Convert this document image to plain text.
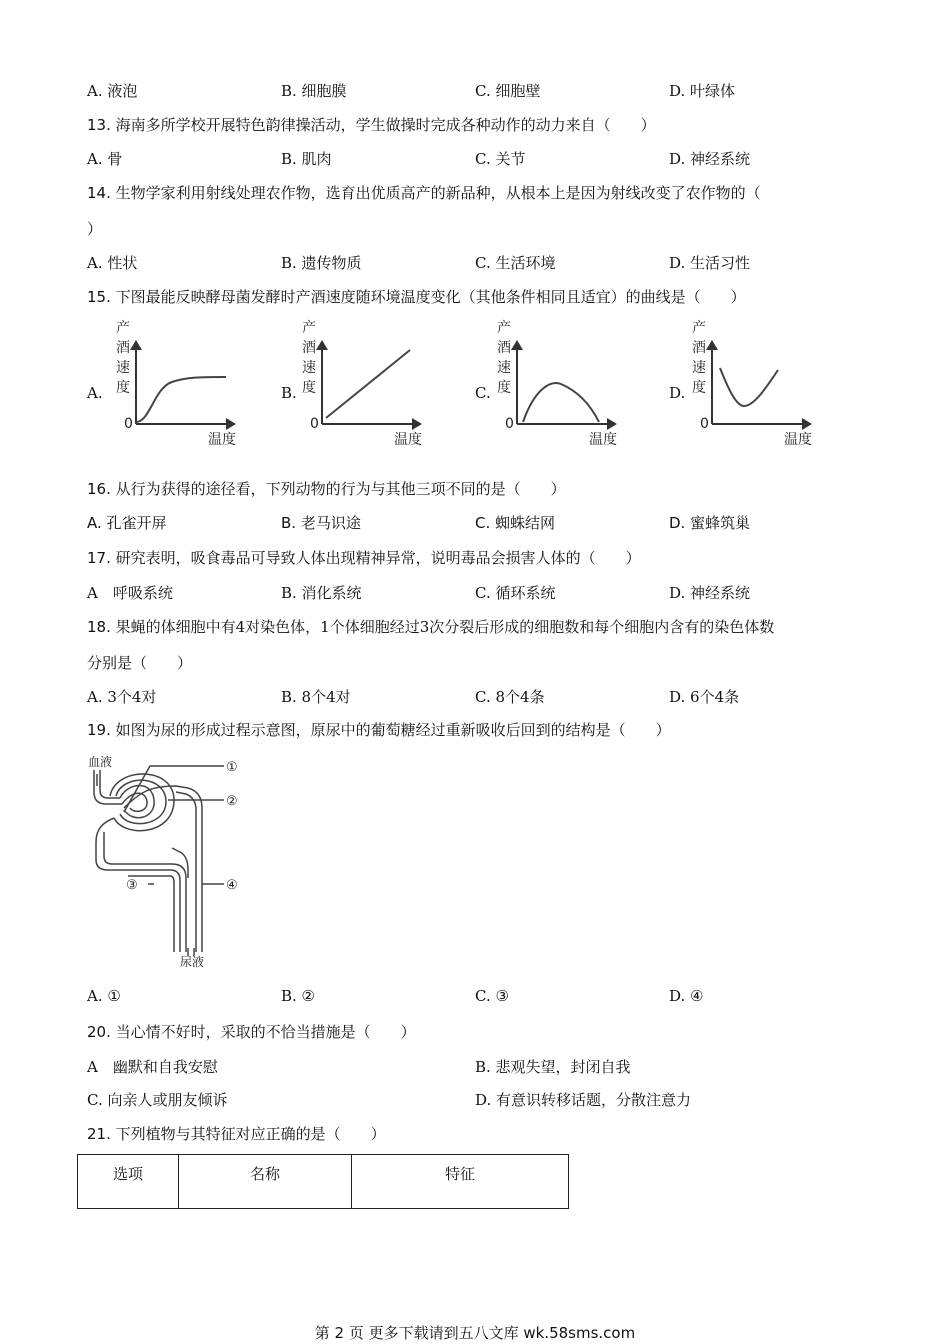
A. 液泡	B. 细胞膜	C. 细胞壁	D. 叶绿体
13. 海南多所学校开展特色韵律操活动，学生做操时完成各种动作的动力来自（　　）
A. 骨	B. 肌肉	C. 关节	D. 神经系统
14. 生物学家利用射线处理农作物，选育出优质高产的新品种，从根本上是因为射线改变了农作物的（
）
A. 性状	B. 遗传物质	C. 生活环境	D. 生活习性
15. 下图最能反映酵母菌发酵时产酒速度随环境温度变化（其他条件相同且适宜）的曲线是（　　）
A.	B.	C.	D.
产
酒
速
度
0
温度
产
酒
速
度
0
温度
产
酒
速
度
0
温度
产
酒
速
度
0
温度
16. 从行为获得的途径看，下列动物的行为与其他三项不同的是（　　）
A. 孔雀开屏	B. 老马识途	C. 蜘蛛结网	D. 蜜蜂筑巢
17. 研究表明，吸食毒品可导致人体出现精神异常，说明毒品会损害人体的（　　）
A　呼吸系统	B. 消化系统	C. 循环系统	D. 神经系统
18. 果蝇的体细胞中有4对染色体，1个体细胞经过3次分裂后形成的细胞数和每个细胞内含有的染色体数
分别是（　　）
A. 3个4对	B. 8个4对	C. 8个4条	D. 6个4条
19. 如图为尿的形成过程示意图，原尿中的葡萄糖经过重新吸收后回到的结构是（　　）
血液
尿液
①
②
③	④
A. ①	B. ②	C. ③	D. ④
20. 当心情不好时，采取的不恰当措施是（　　）
A　幽默和自我安慰	B. 悲观失望，封闭自我
C. 向亲人或朋友倾诉	D. 有意识转移话题，分散注意力
21. 下列植物与其特征对应正确的是（　　）
选项	名称	特征
第 2 页 更多下载请到五八文库 wk.58sms.com
